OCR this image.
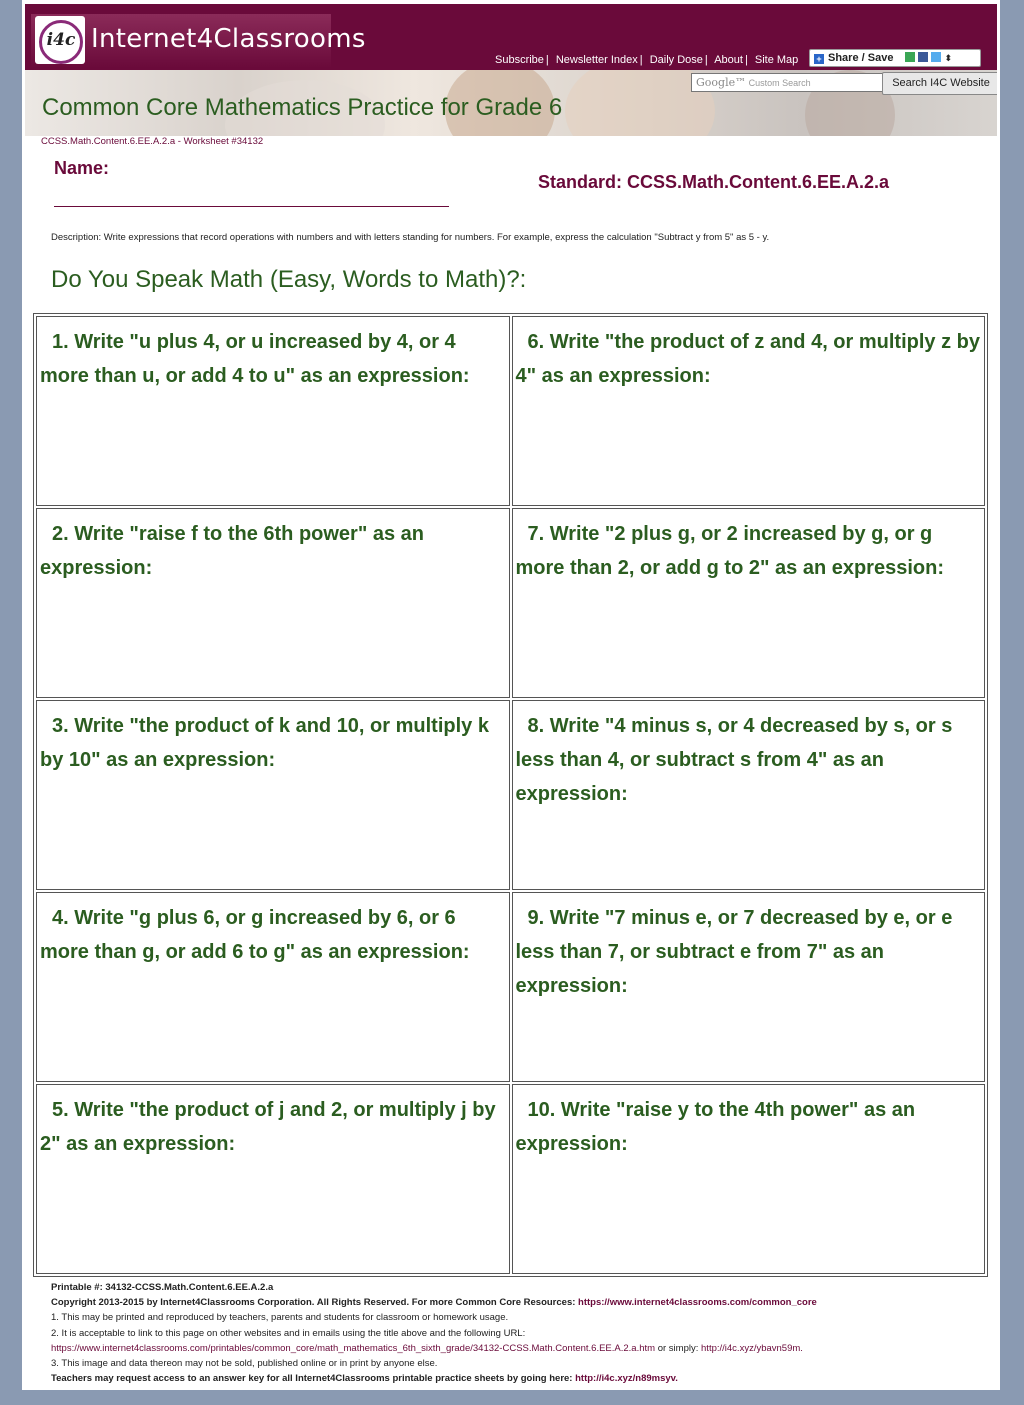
i4c Internet4Classrooms
Subscribe | Newsletter Index | Daily Dose | About | Site Map	+ Share / Save	⬍
Google™ Custom Search	Search I4C Website
Common Core Mathematics Practice for Grade 6
CCSS.Math.Content.6.EE.A.2.a - Worksheet #34132
Name:
Standard: CCSS.Math.Content.6.EE.A.2.a
Description: Write expressions that record operations with numbers and with letters standing for numbers. For example, express the calculation "Subtract y from 5" as 5 - y.
Do You Speak Math (Easy, Words to Math)?:
1. Write "u plus 4, or u increased by 4, or 4 more than u, or add 4 to u" as an expression:
6. Write "the product of z and 4, or multiply z by 4" as an expression:
2. Write "raise f to the 6th power" as an expression:
7. Write "2 plus g, or 2 increased by g, or g more than 2, or add g to 2" as an expression:
3. Write "the product of k and 10, or multiply k by 10" as an expression:
8. Write "4 minus s, or 4 decreased by s, or s less than 4, or subtract s from 4" as an expression:
4. Write "g plus 6, or g increased by 6, or 6 more than g, or add 6 to g" as an expression:
9. Write "7 minus e, or 7 decreased by e, or e less than 7, or subtract e from 7" as an expression:
5. Write "the product of j and 2, or multiply j by 2" as an expression:
10. Write "raise y to the 4th power" as an expression:
Printable #: 34132-CCSS.Math.Content.6.EE.A.2.a
Copyright 2013-2015 by Internet4Classrooms Corporation. All Rights Reserved. For more Common Core Resources: https://www.internet4classrooms.com/common_core
1. This may be printed and reproduced by teachers, parents and students for classroom or homework usage.
2. It is acceptable to link to this page on other websites and in emails using the title above and the following URL:
https://www.internet4classrooms.com/printables/common_core/math_mathematics_6th_sixth_grade/34132-CCSS.Math.Content.6.EE.A.2.a.htm or simply: http://i4c.xyz/ybavn59m.
3. This image and data thereon may not be sold, published online or in print by anyone else.
Teachers may request access to an answer key for all Internet4Classrooms printable practice sheets by going here: http://i4c.xyz/n89msyv.
